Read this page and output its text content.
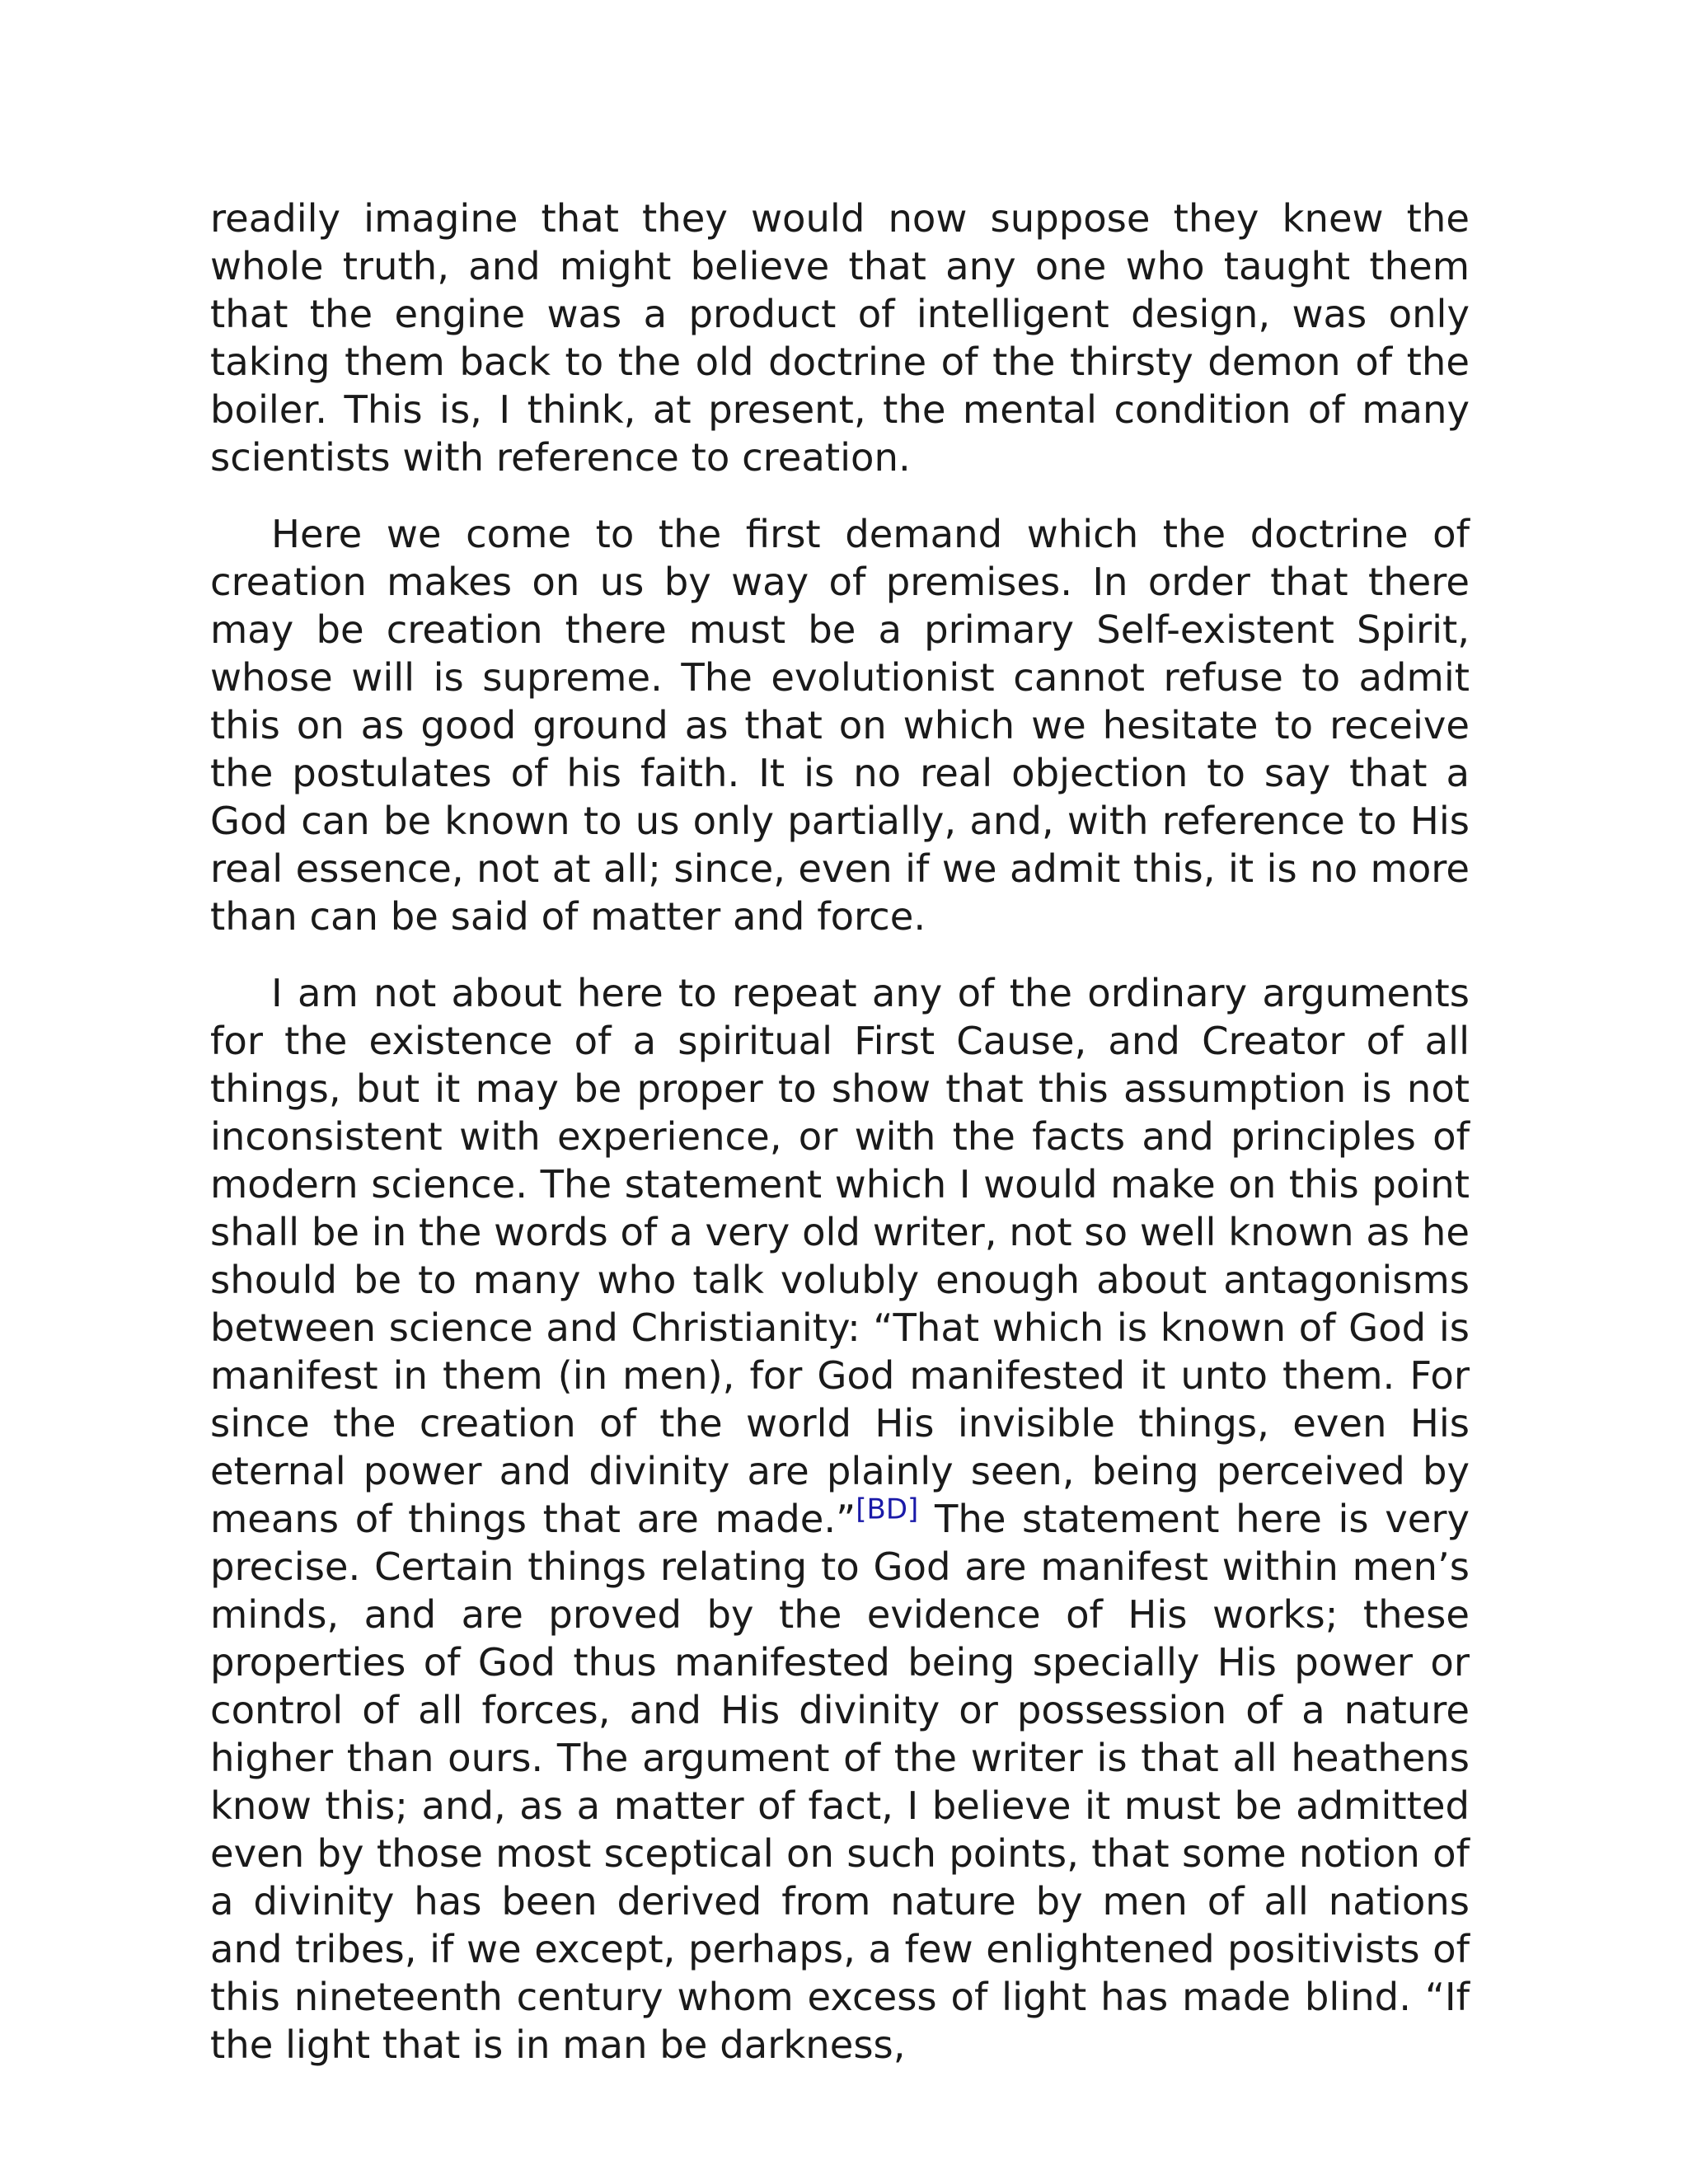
readily imagine that they would now suppose they knew the whole truth, and might believe that any one who taught them that the engine was a product of intelligent design, was only taking them back to the old doctrine of the thirsty demon of the boiler. This is, I think, at present, the mental condition of many scientists with reference to creation.

Here we come to the first demand which the doctrine of creation makes on us by way of premises. In order that there may be creation there must be a primary Self-existent Spirit, whose will is supreme. The evolutionist cannot refuse to admit this on as good ground as that on which we hesitate to receive the postulates of his faith. It is no real objection to say that a God can be known to us only partially, and, with reference to His real essence, not at all; since, even if we admit this, it is no more than can be said of matter and force.

I am not about here to repeat any of the ordinary arguments for the existence of a spiritual First Cause, and Creator of all things, but it may be proper to show that this assumption is not inconsistent with experience, or with the facts and principles of modern science. The statement which I would make on this point shall be in the words of a very old writer, not so well known as he should be to many who talk volubly enough about antagonisms between science and Christianity: “That which is known of God is manifest in them (in men), for God manifested it unto them. For since the creation of the world His invisible things, even His eternal power and divinity are plainly seen, being perceived by means of things that are made.”[BD] The statement here is very precise. Certain things relating to God are manifest within men’s minds, and are proved by the evidence of His works; these properties of God thus manifested being specially His power or control of all forces, and His divinity or possession of a nature higher than ours. The argument of the writer is that all heathens know this; and, as a matter of fact, I believe it must be admitted even by those most sceptical on such points, that some notion of a divinity has been derived from nature by men of all nations and tribes, if we except, perhaps, a few enlightened positivists of this nineteenth century whom excess of light has made blind. “If the light that is in man be darkness,
